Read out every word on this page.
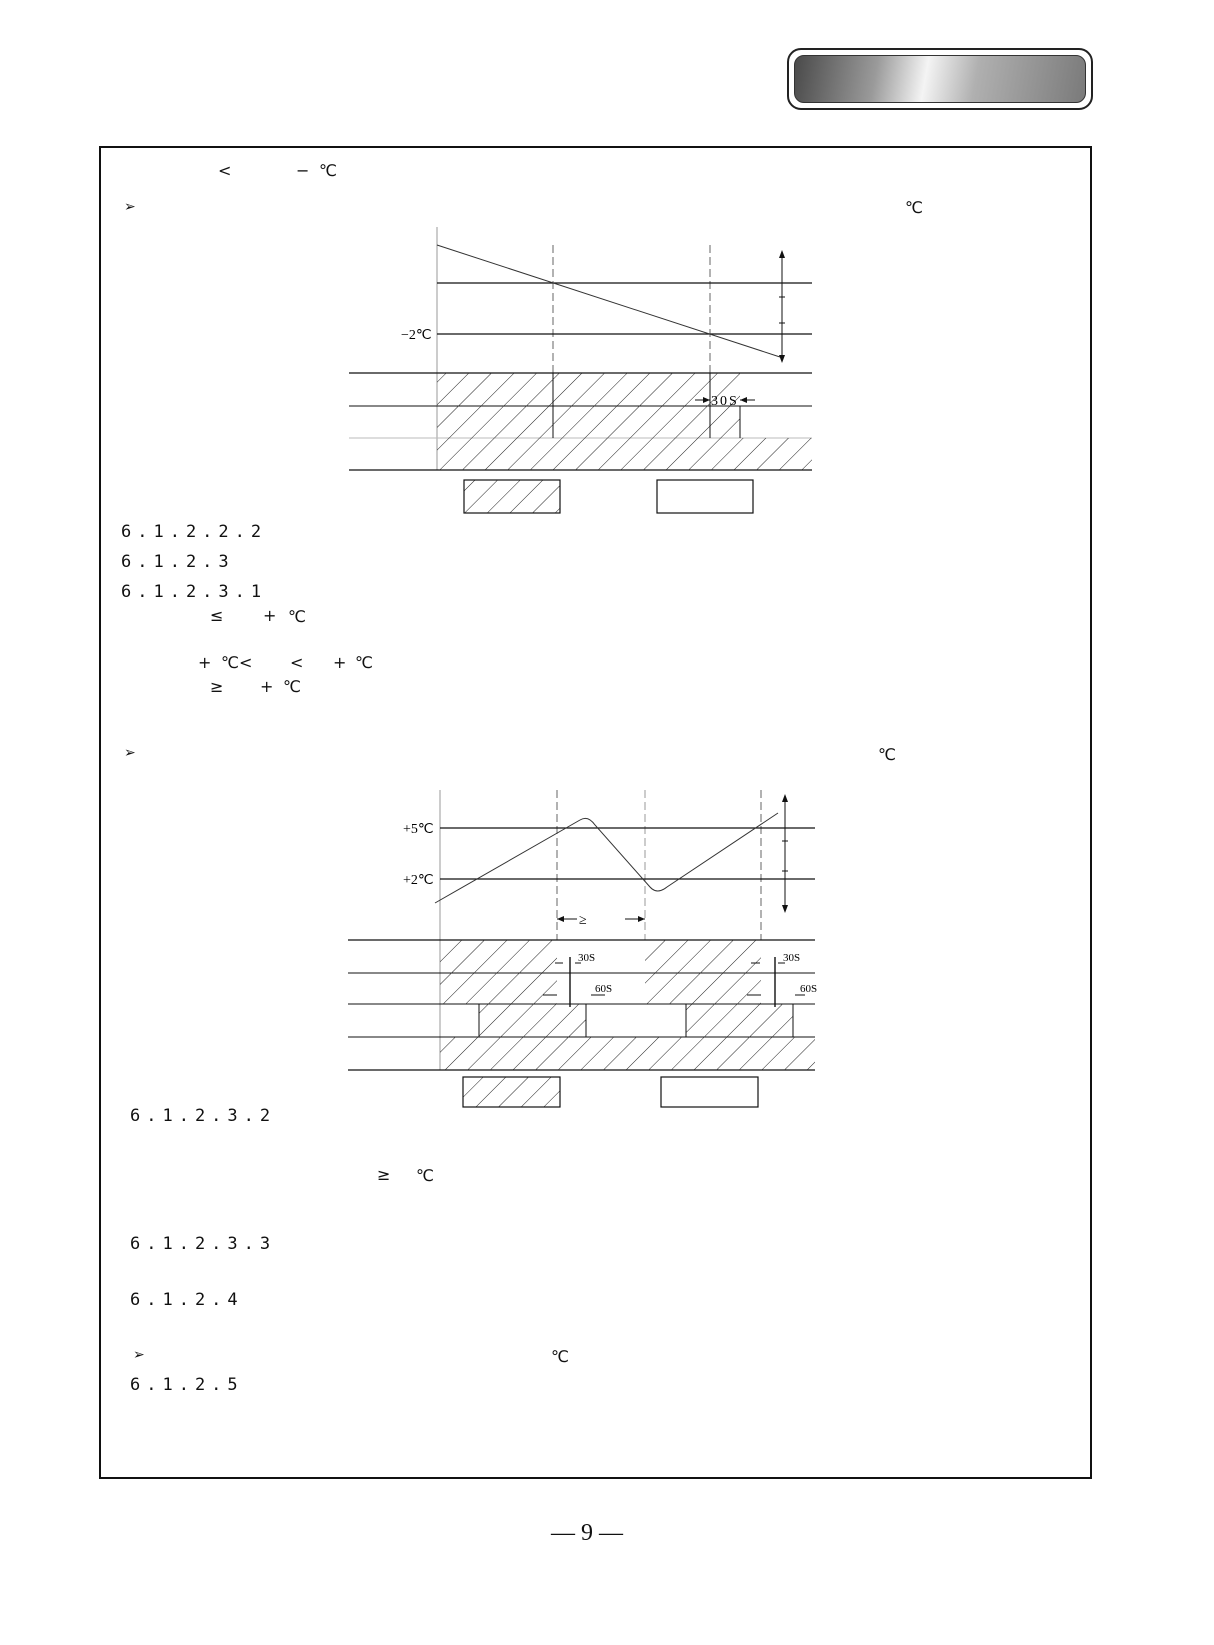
<	− ℃
➢	℃
−2℃
30S
6.1.2.2.2
6.1.2.3
6.1.2.3.1
≤ + ℃
+ ℃< < + ℃
≥ + ℃
➢	℃
+5℃
+2℃
≥
30S
60S
30S
60S
6.1.2.3.2
≥ ℃
6.1.2.3.3
6.1.2.4
➢	℃
6.1.2.5
— 9 —
